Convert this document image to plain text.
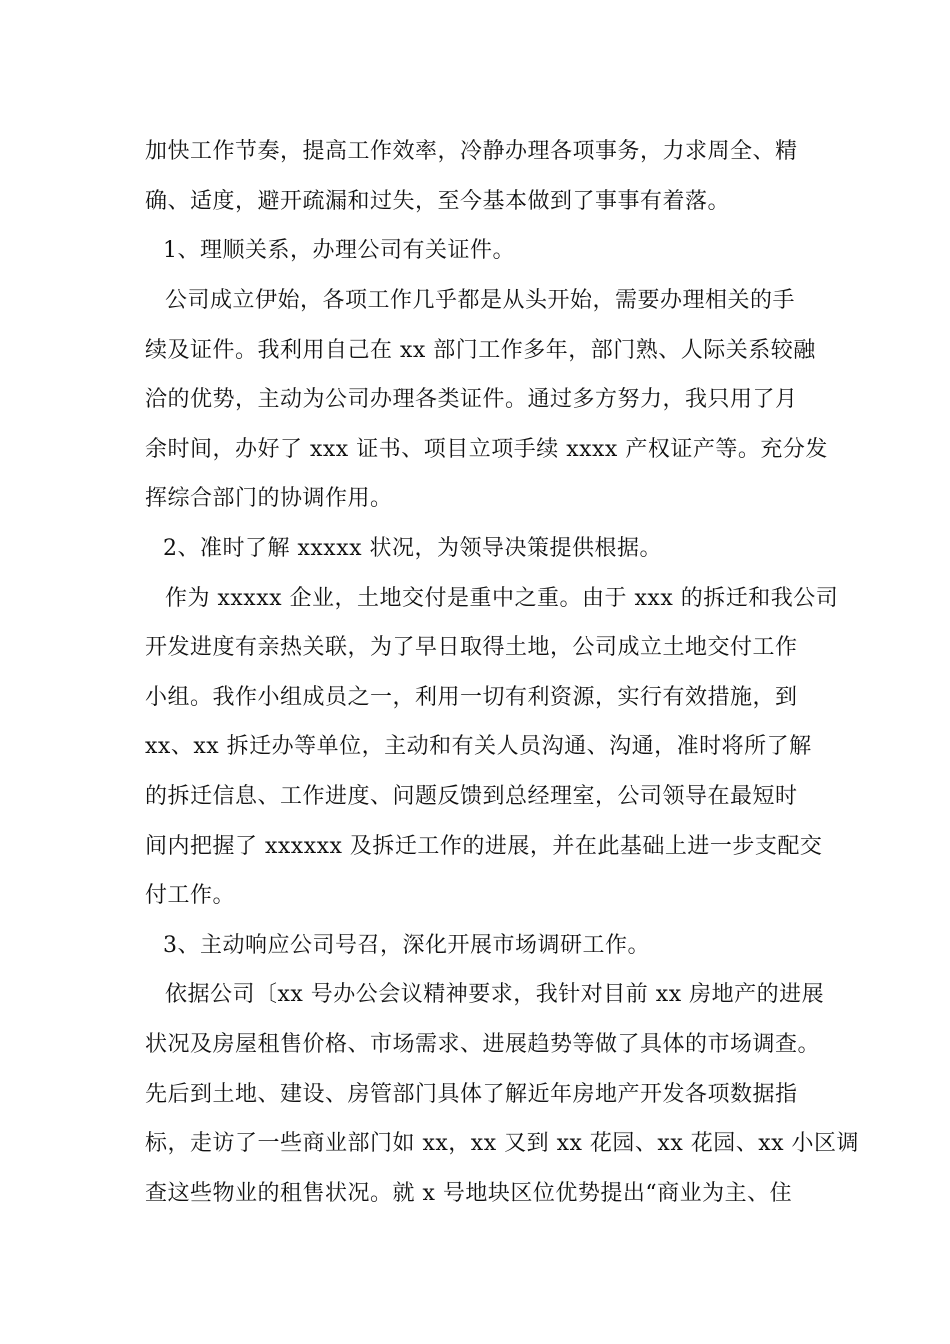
加快工作节奏，提高工作效率，冷静办理各项事务，力求周全、精
确、适度，避开疏漏和过失，至今基本做到了事事有着落。
1、理顺关系，办理公司有关证件。
公司成立伊始，各项工作几乎都是从头开始，需要办理相关的手
续及证件。我利用自己在 xx 部门工作多年，部门熟、人际关系较融
洽的优势，主动为公司办理各类证件。通过多方努力，我只用了月
余时间，办好了 xxx 证书、项目立项手续 xxxx 产权证产等。充分发
挥综合部门的协调作用。
2、准时了解 xxxxx 状况，为领导决策提供根据。
作为 xxxxx 企业，土地交付是重中之重。由于 xxx 的拆迁和我公司
开发进度有亲热关联，为了早日取得土地，公司成立土地交付工作
小组。我作小组成员之一，利用一切有利资源，实行有效措施，到
xx、xx 拆迁办等单位，主动和有关人员沟通、沟通，准时将所了解
的拆迁信息、工作进度、问题反馈到总经理室，公司领导在最短时
间内把握了 xxxxxx 及拆迁工作的进展，并在此基础上进一步支配交
付工作。
3、主动响应公司号召，深化开展市场调研工作。
依据公司〔xx 号办公会议精神要求，我针对目前 xx 房地产的进展
状况及房屋租售价格、市场需求、进展趋势等做了具体的市场调查。
先后到土地、建设、房管部门具体了解近年房地产开发各项数据指
标，走访了一些商业部门如 xx，xx 又到 xx 花园、xx 花园、xx 小区调
查这些物业的租售状况。就 x 号地块区位优势提出“商业为主、住
